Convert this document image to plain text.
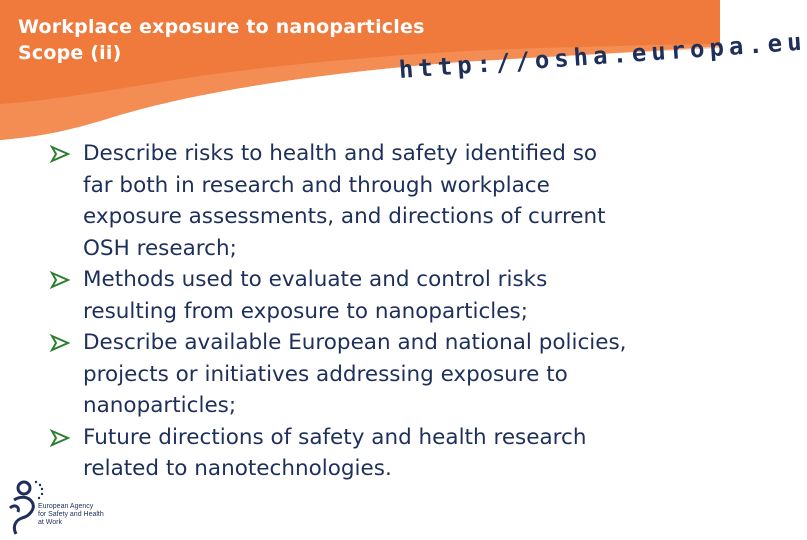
Workplace exposure to nanoparticles
Scope (ii)	http://osha.europa.eu
Describe risks to health and safety identified so
far both in research and through workplace
exposure assessments, and directions of current
OSH research;
Methods used to evaluate and control risks
resulting from exposure to nanoparticles;
Describe available European and national policies,
projects or initiatives addressing exposure to
nanoparticles;
Future directions of safety and health research
related to nanotechnologies.
European Agency
for Safety and Health
at Work
